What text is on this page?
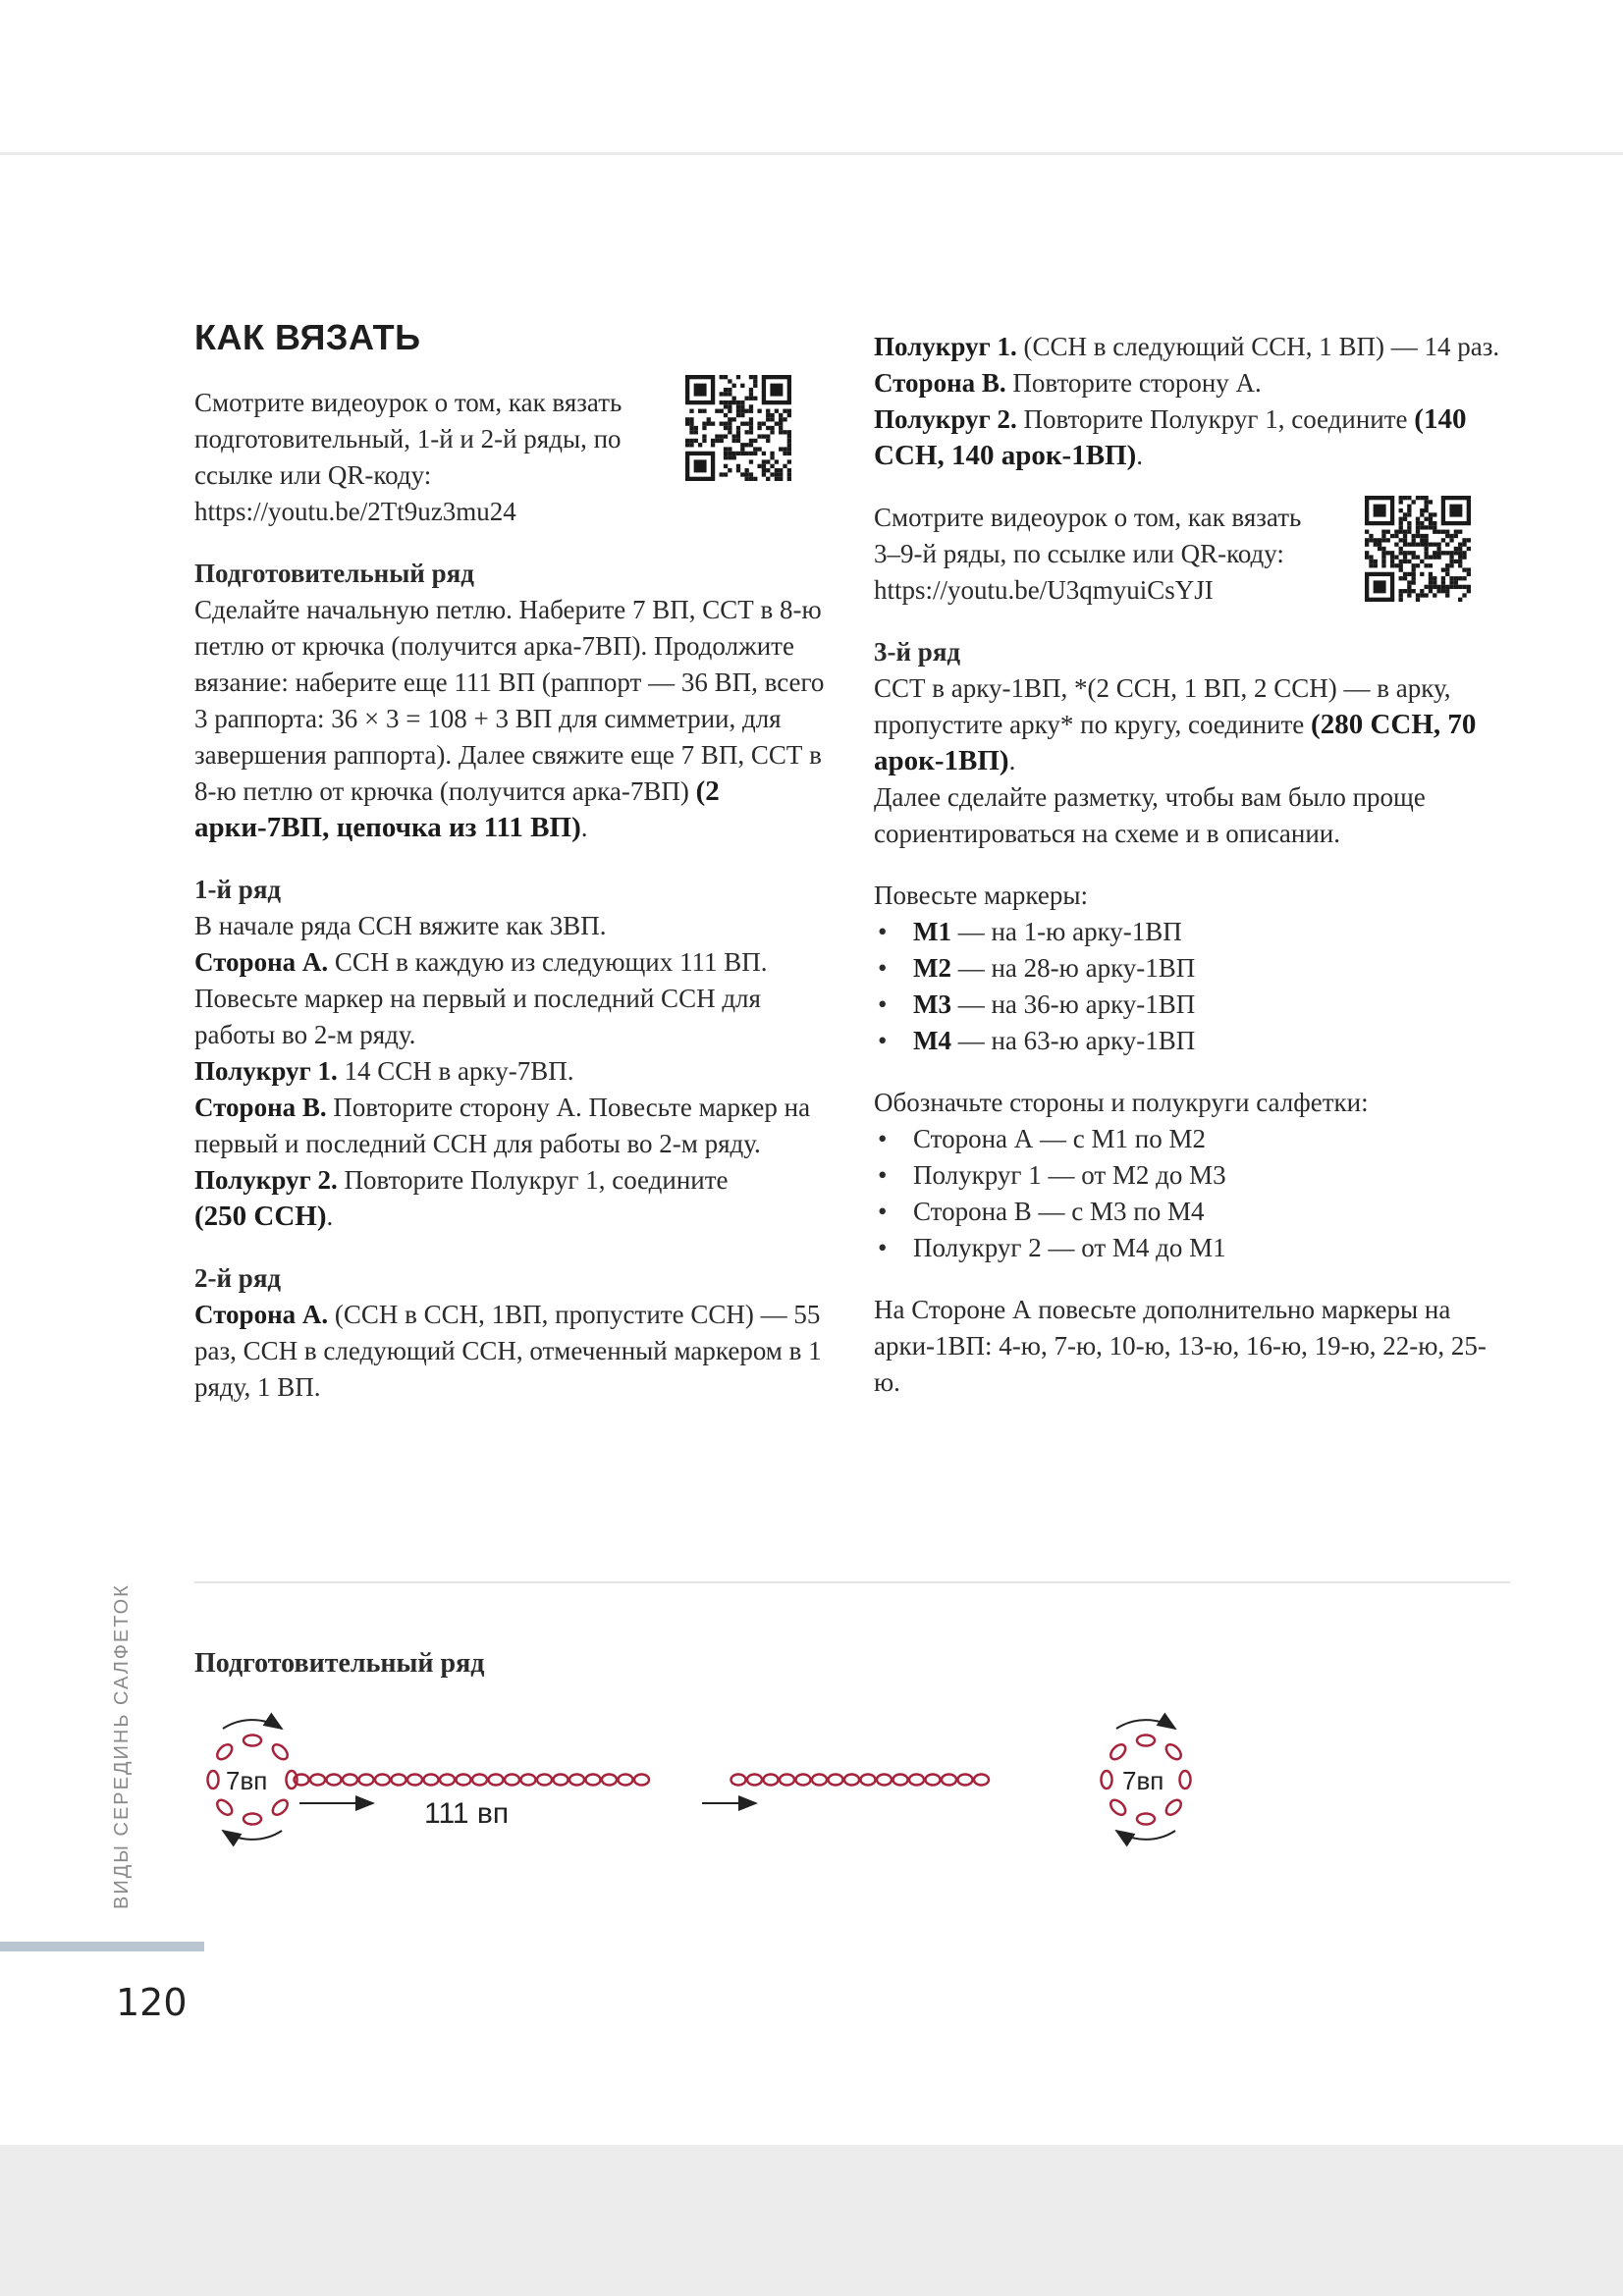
КАК ВЯЗАТЬ

Смотрите видеоурок о том, как вязать подготовительный, 1-й и 2-й ряды, по ссылке или QR-коду: https://youtu.be/2Tt9uz3mu24

Подготовительный ряд

Сделайте начальную петлю. Наберите 7 ВП, ССТ в 8-ю петлю от крючка (получится арка-7ВП). Продолжите вязание: наберите еще 111 ВП (раппорт — 36 ВП, всего 3 раппорта: 36 × 3 = 108 + 3 ВП для симметрии, для завершения раппорта). Далее свяжите еще 7 ВП, ССТ в 8-ю петлю от крючка (получится арка-7ВП) (2 арки-7ВП, цепочка из 111 ВП).

1-й ряд

В начале ряда ССН вяжите как 3ВП.

Сторона А. ССН в каждую из следующих 111 ВП. Повесьте маркер на первый и последний ССН для работы во 2-м ряду.

Полукруг 1. 14 ССН в арку-7ВП.

Сторона В. Повторите сторону А. Повесьте маркер на первый и последний ССН для работы во 2-м ряду.

Полукруг 2. Повторите Полукруг 1, соедините

(250 ССН).

2-й ряд

Сторона А. (ССН в ССН, 1ВП, пропустите ССН) — 55 раз, ССН в следующий ССН, отмеченный маркером в 1 ряду, 1 ВП.

Полукруг 1. (ССН в следующий ССН, 1 ВП) — 14 раз.

Сторона В. Повторите сторону А.

Полукруг 2. Повторите Полукруг 1, соедините (140 ССН, 140 арок-1ВП).

Смотрите видеоурок о том, как вязать 3–9-й ряды, по ссылке или QR-коду: https://youtu.be/U3qmyuiCsYJI

3-й ряд

ССТ в арку-1ВП, *(2 ССН, 1 ВП, 2 ССН) — в арку, пропустите арку* по кругу, соедините (280 ССН, 70 арок-1ВП).

Далее сделайте разметку, чтобы вам было проще сориентироваться на схеме и в описании.

Повесьте маркеры:

• М1 — на 1-ю арку-1ВП
• М2 — на 28-ю арку-1ВП
• М3 — на 36-ю арку-1ВП
• М4 — на 63-ю арку-1ВП

Обозначьте стороны и полукруги салфетки:

• Сторона А — с М1 по М2
• Полукруг 1 — от М2 до М3
• Сторона В — с М3 по М4
• Полукруг 2 — от М4 до М1

На Стороне А повесьте дополнительно маркеры на арки-1ВП: 4-ю, 7-ю, 10-ю, 13-ю, 16-ю, 19-ю, 22-ю, 25-ю.

Подготовительный ряд
7вп	7вп
111 вп
ВИДЫ СЕРЕДИНЬ САЛФЕТОК
120
